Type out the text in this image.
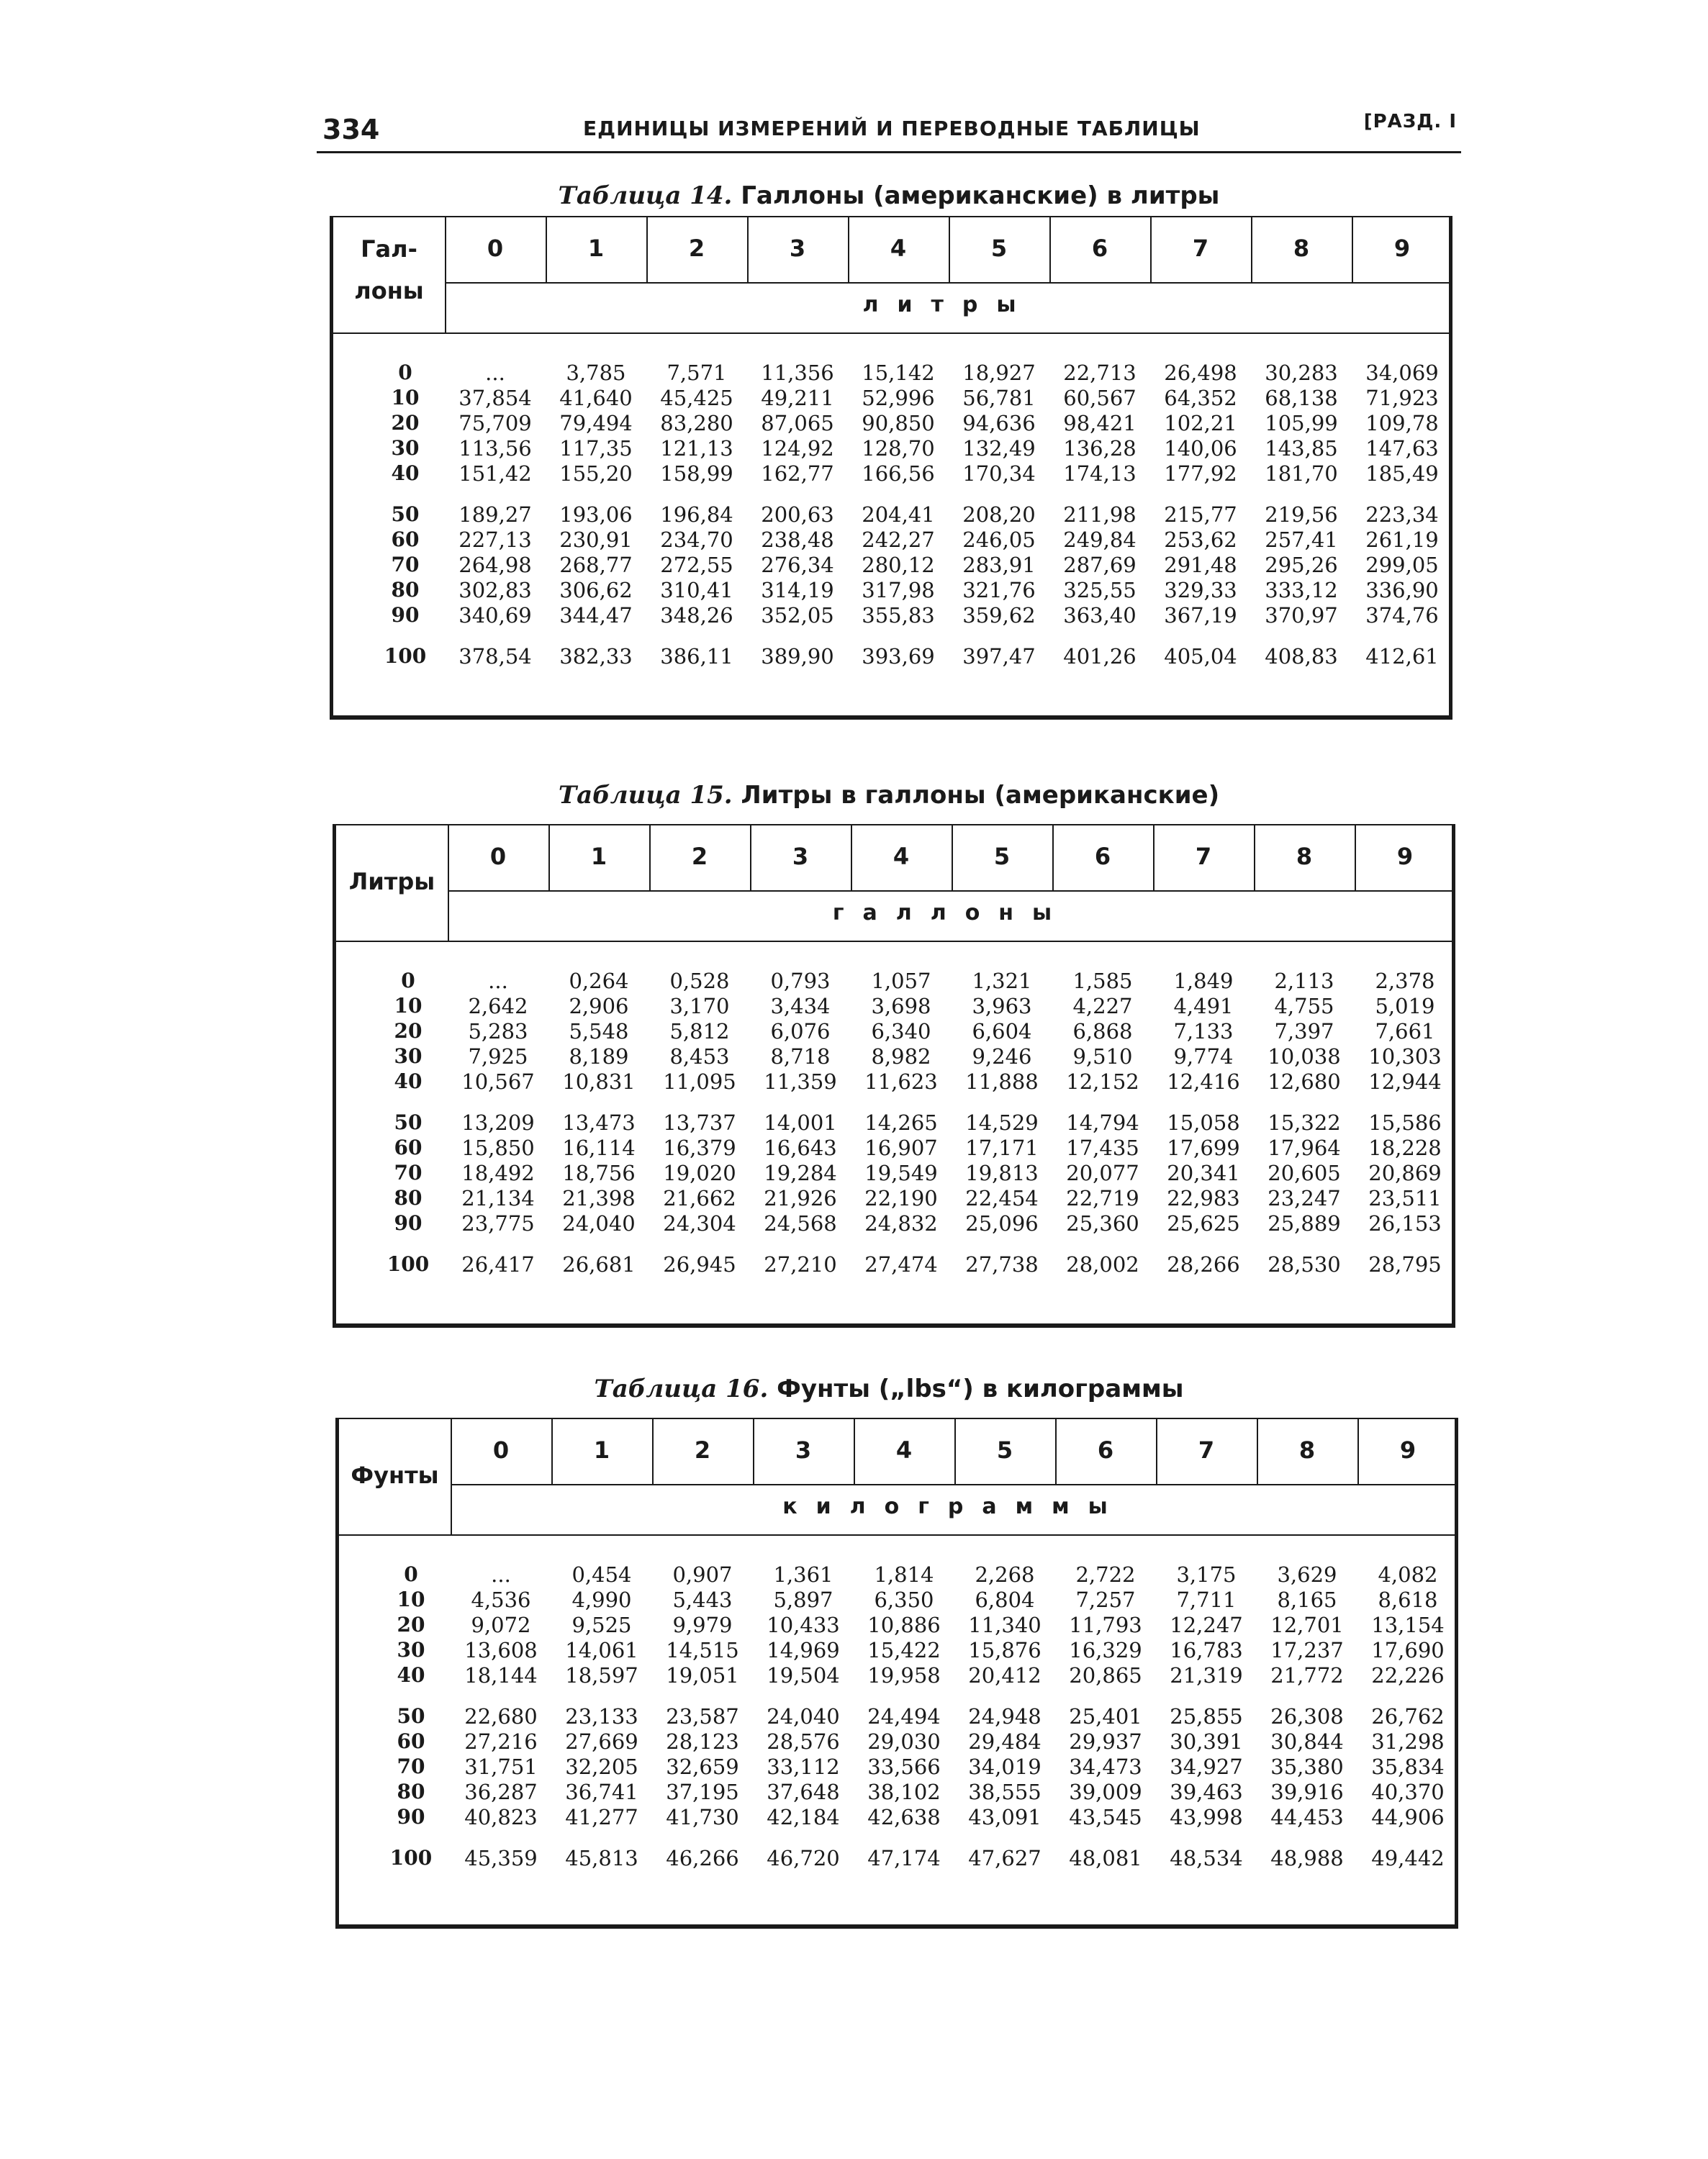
334	ЕДИНИЦЫ ИЗМЕРЕНИЙ И ПЕРЕВОДНЫЕ ТАБЛИЦЫ	[РАЗД. I
Таблица 14. Галлоны (американские) в литры
Гал-
лоны
0	1	2	3	4	5	6	7	8	9
литры
0	...	3,785	7,571	11,356	15,142	18,927	22,713	26,498	30,283	34,069
10	37,854	41,640	45,425	49,211	52,996	56,781	60,567	64,352	68,138	71,923
20	75,709	79,494	83,280	87,065	90,850	94,636	98,421	102,21	105,99	109,78
30	113,56	117,35	121,13	124,92	128,70	132,49	136,28	140,06	143,85	147,63
40	151,42	155,20	158,99	162,77	166,56	170,34	174,13	177,92	181,70	185,49
50	189,27	193,06	196,84	200,63	204,41	208,20	211,98	215,77	219,56	223,34
60	227,13	230,91	234,70	238,48	242,27	246,05	249,84	253,62	257,41	261,19
70	264,98	268,77	272,55	276,34	280,12	283,91	287,69	291,48	295,26	299,05
80	302,83	306,62	310,41	314,19	317,98	321,76	325,55	329,33	333,12	336,90
90	340,69	344,47	348,26	352,05	355,83	359,62	363,40	367,19	370,97	374,76
100	378,54	382,33	386,11	389,90	393,69	397,47	401,26	405,04	408,83	412,61
Таблица 15. Литры в галлоны (американские)
Литры
0	1	2	3	4	5	6	7	8	9
галлоны
0	...	0,264	0,528	0,793	1,057	1,321	1,585	1,849	2,113	2,378
10	2,642	2,906	3,170	3,434	3,698	3,963	4,227	4,491	4,755	5,019
20	5,283	5,548	5,812	6,076	6,340	6,604	6,868	7,133	7,397	7,661
30	7,925	8,189	8,453	8,718	8,982	9,246	9,510	9,774	10,038	10,303
40	10,567	10,831	11,095	11,359	11,623	11,888	12,152	12,416	12,680	12,944
50	13,209	13,473	13,737	14,001	14,265	14,529	14,794	15,058	15,322	15,586
60	15,850	16,114	16,379	16,643	16,907	17,171	17,435	17,699	17,964	18,228
70	18,492	18,756	19,020	19,284	19,549	19,813	20,077	20,341	20,605	20,869
80	21,134	21,398	21,662	21,926	22,190	22,454	22,719	22,983	23,247	23,511
90	23,775	24,040	24,304	24,568	24,832	25,096	25,360	25,625	25,889	26,153
100	26,417	26,681	26,945	27,210	27,474	27,738	28,002	28,266	28,530	28,795
Таблица 16. Фунты („lbs“) в килограммы
Фунты
0	1	2	3	4	5	6	7	8	9
килограммы
0	...	0,454	0,907	1,361	1,814	2,268	2,722	3,175	3,629	4,082
10	4,536	4,990	5,443	5,897	6,350	6,804	7,257	7,711	8,165	8,618
20	9,072	9,525	9,979	10,433	10,886	11,340	11,793	12,247	12,701	13,154
30	13,608	14,061	14,515	14,969	15,422	15,876	16,329	16,783	17,237	17,690
40	18,144	18,597	19,051	19,504	19,958	20,412	20,865	21,319	21,772	22,226
50	22,680	23,133	23,587	24,040	24,494	24,948	25,401	25,855	26,308	26,762
60	27,216	27,669	28,123	28,576	29,030	29,484	29,937	30,391	30,844	31,298
70	31,751	32,205	32,659	33,112	33,566	34,019	34,473	34,927	35,380	35,834
80	36,287	36,741	37,195	37,648	38,102	38,555	39,009	39,463	39,916	40,370
90	40,823	41,277	41,730	42,184	42,638	43,091	43,545	43,998	44,453	44,906
100	45,359	45,813	46,266	46,720	47,174	47,627	48,081	48,534	48,988	49,442
